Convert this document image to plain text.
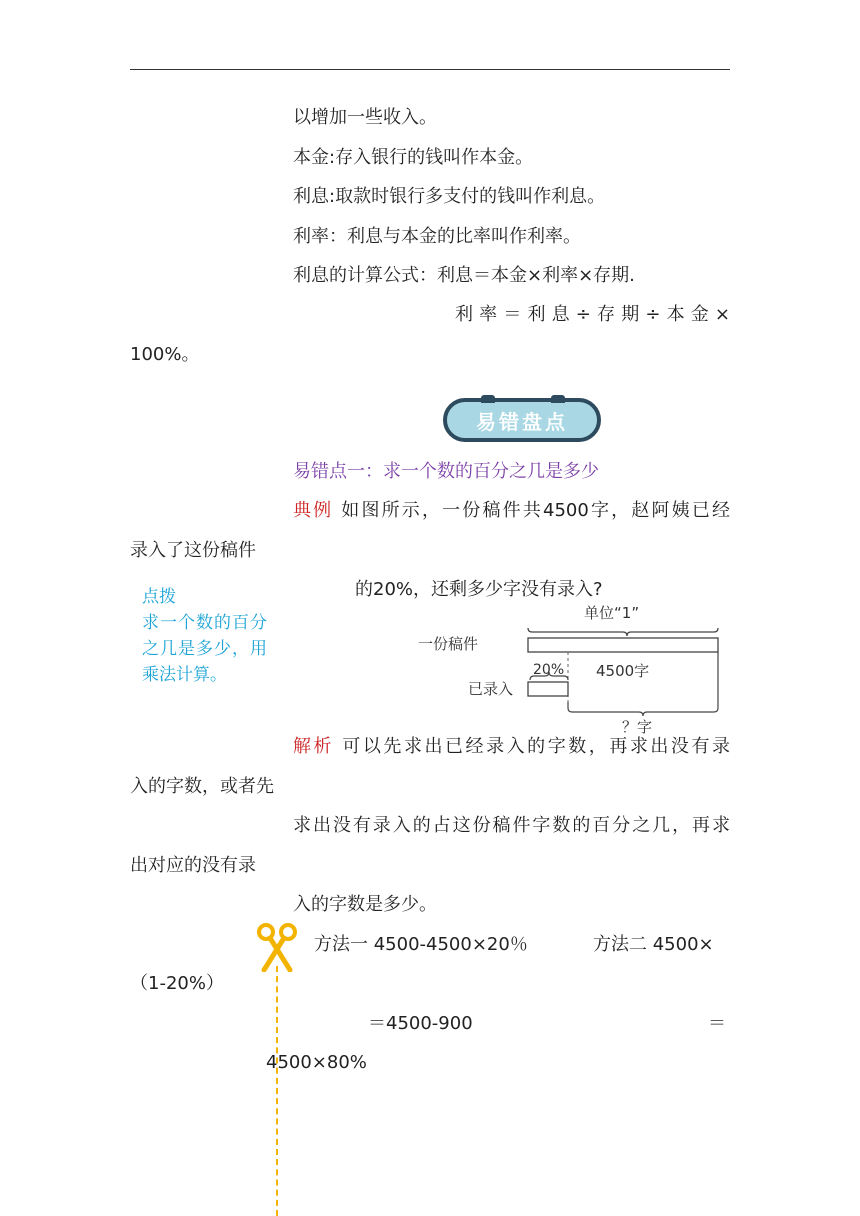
以增加一些收入。
本金:存入银行的钱叫作本金。
利息:取款时银行多支付的钱叫作利息。
利率：利息与本金的比率叫作利率。
利息的计算公式：利息＝本金×利率×存期.
利率＝利息÷存期÷本金×
100%。
易错盘点
易错点一：求一个数的百分之几是多少
典例 如图所示，一份稿件共4500字，赵阿姨已经
录入了这份稿件
的20%，还剩多少字没有录入?
点拨
求一个数的百分之几是多少，用乘法计算。
单位“1”
一份稿件
4500字
20%
已录入
？字
解析 可以先求出已经录入的字数，再求出没有录
入的字数，或者先
求出没有录入的占这份稿件字数的百分之几，再求
出对应的没有录
入的字数是多少。
方法一 4500-4500×20％	方法二 4500×
（1-20%）
＝4500-900	＝
4500×80%
